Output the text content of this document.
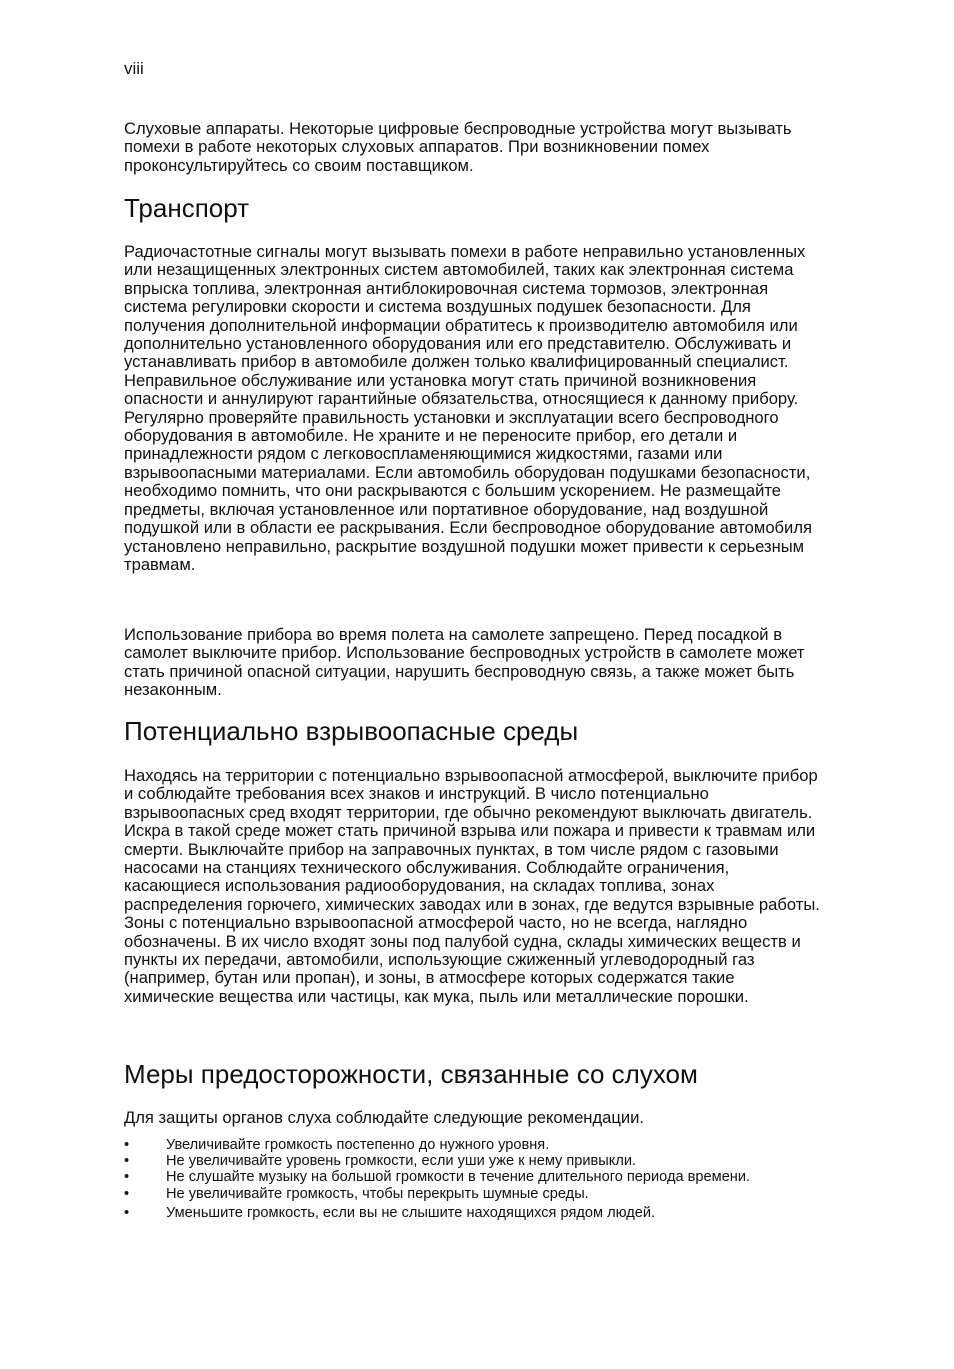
viii

Слуховые аппараты. Некоторые цифровые беспроводные устройства могут вызывать помехи в работе некоторых слуховых аппаратов. При возникновении помех проконсультируйтесь со своим поставщиком.

Транспорт

Радиочастотные сигналы могут вызывать помехи в работе неправильно установленных или незащищенных электронных систем автомобилей, таких как электронная система впрыска топлива, электронная антиблокировочная система тормозов, электронная система регулировки скорости и система воздушных подушек безопасности. Для получения дополнительной информации обратитесь к производителю автомобиля или дополнительно установленного оборудования или его представителю. Обслуживать и устанавливать прибор в автомобиле должен только квалифицированный специалист. Неправильное обслуживание или установка могут стать причиной возникновения опасности и аннулируют гарантийные обязательства, относящиеся к данному прибору. Регулярно проверяйте правильность установки и эксплуатации всего беспроводного оборудования в автомобиле. Не храните и не переносите прибор, его детали и принадлежности рядом с легковоспламеняющимися жидкостями, газами или взрывоопасными материалами. Если автомобиль оборудован подушками безопасности, необходимо помнить, что они раскрываются с большим ускорением. Не размещайте предметы, включая установленное или портативное оборудование, над воздушной подушкой или в области ее раскрывания. Если беспроводное оборудование автомобиля установлено неправильно, раскрытие воздушной подушки может привести к серьезным травмам.

Использование прибора во время полета на самолете запрещено. Перед посадкой в самолет выключите прибор. Использование беспроводных устройств в самолете может стать причиной опасной ситуации, нарушить беспроводную связь, а также может быть незаконным.

Потенциально взрывоопасные среды

Находясь на территории с потенциально взрывоопасной атмосферой, выключите прибор и соблюдайте требования всех знаков и инструкций. В число потенциально взрывоопасных сред входят территории, где обычно рекомендуют выключать двигатель. Искра в такой среде может стать причиной взрыва или пожара и привести к травмам или смерти. Выключайте прибор на заправочных пунктах, в том числе рядом с газовыми насосами на станциях технического обслуживания. Соблюдайте ограничения, касающиеся использования радиооборудования, на складах топлива, зонах распределения горючего, химических заводах или в зонах, где ведутся взрывные работы. Зоны с потенциально взрывоопасной атмосферой часто, но не всегда, наглядно обозначены. В их число входят зоны под палубой судна, склады химических веществ и пункты их передачи, автомобили, использующие сжиженный углеводородный газ (например, бутан или пропан), и зоны, в атмосфере которых содержатся такие химические вещества или частицы, как мука, пыль или металлические порошки.

Меры предосторожности, связанные со слухом

Для защиты органов слуха соблюдайте следующие рекомендации.

•	Увеличивайте громкость постепенно до нужного уровня.
•	Не увеличивайте уровень громкости, если уши уже к нему привыкли.
•	Не слушайте музыку на большой громкости в течение длительного периода времени.
•	Не увеличивайте громкость, чтобы перекрыть шумные среды.
•	Уменьшите громкость, если вы не слышите находящихся рядом людей.
